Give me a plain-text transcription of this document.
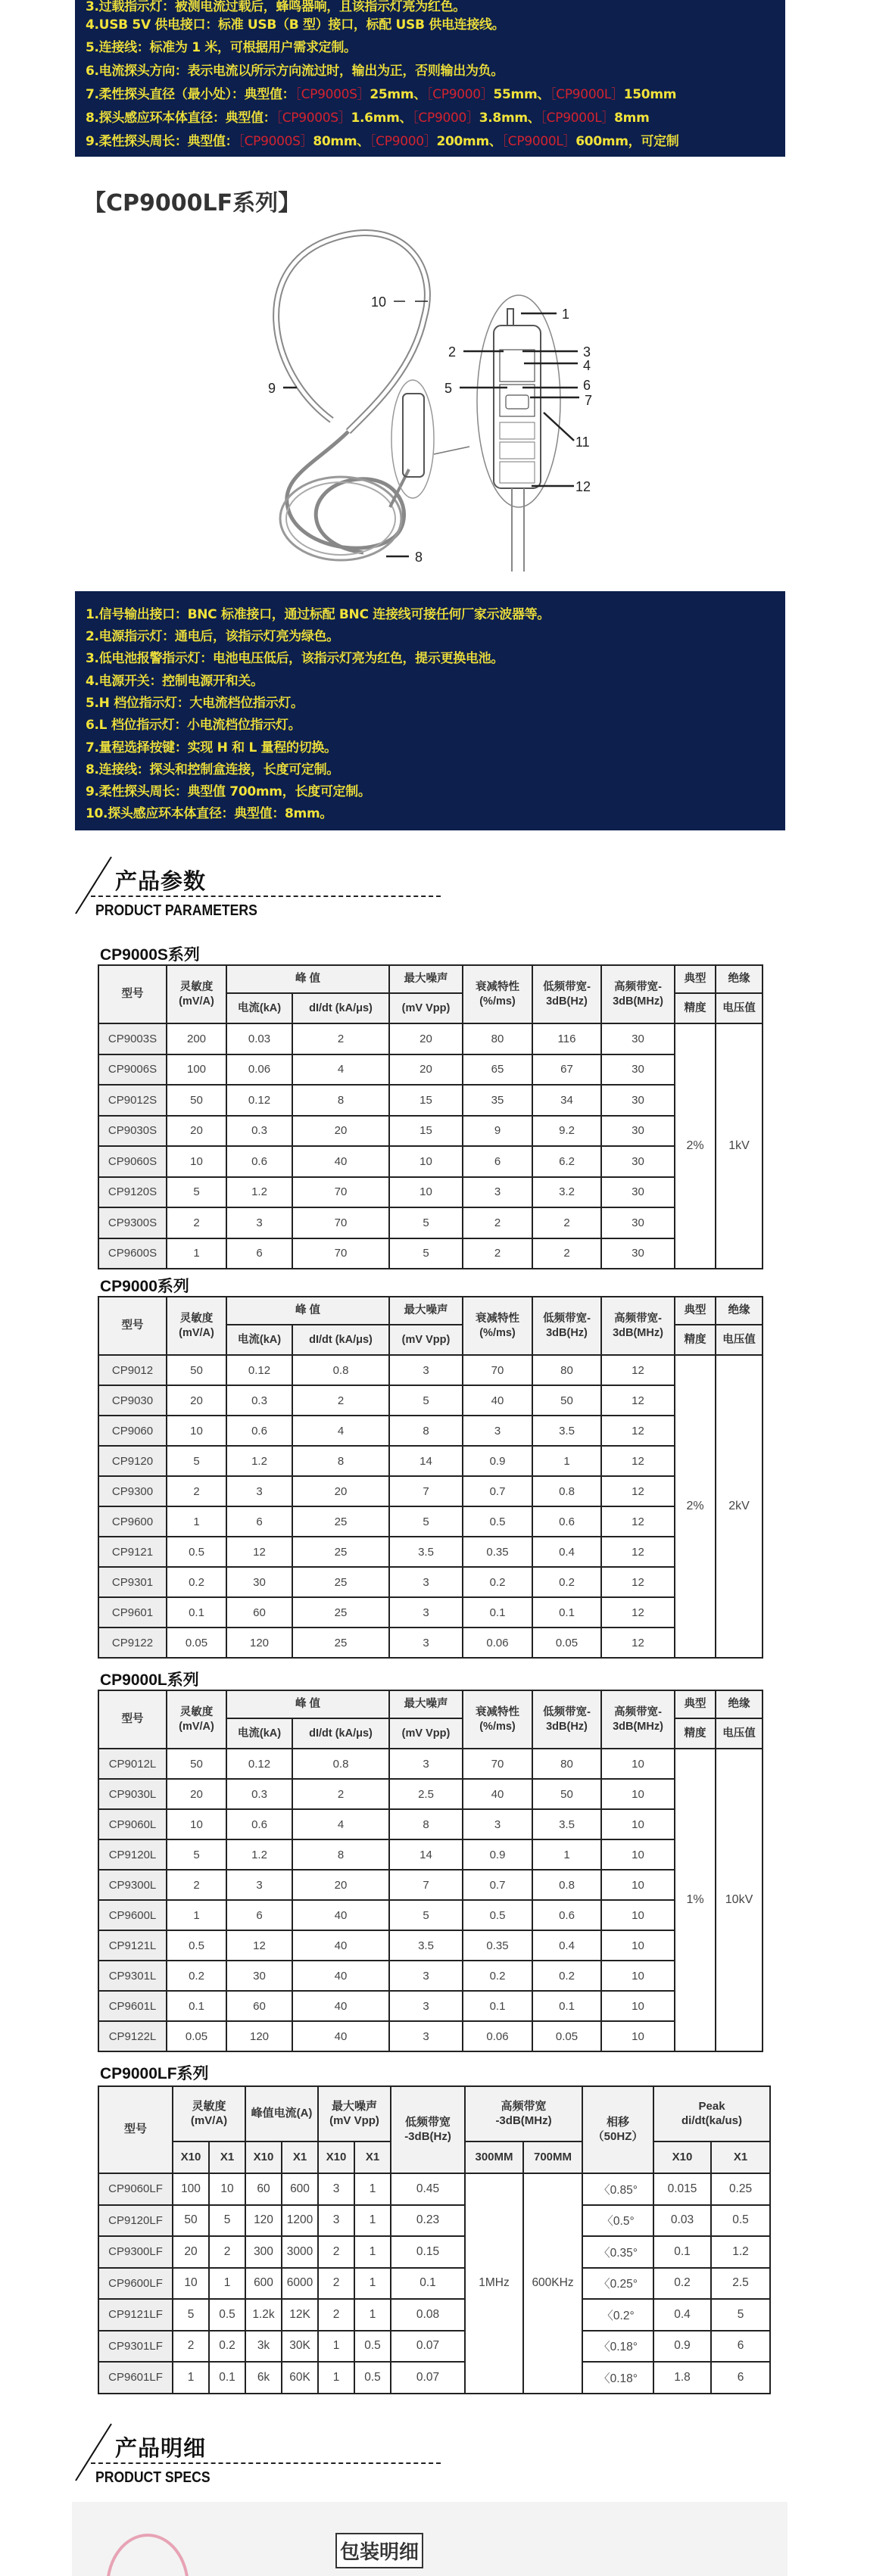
3.过载指示灯：被测电流过载后，蜂鸣器响，且该指示灯亮为红色。
4.USB 5V 供电接口：标准 USB（B 型）接口，标配 USB 供电连接线。
5.连接线：标准为 1 米，可根据用户需求定制。
6.电流探头方向：表示电流以所示方向流过时，输出为正，否则输出为负。
7.柔性探头直径（最小处）：典型值：［CP9000S］25mm、［CP9000］55mm、［CP9000L］150mm
8.探头感应环本体直径：典型值：［CP9000S］1.6mm、［CP9000］3.8mm、［CP9000L］8mm
9.柔性探头周长：典型值：［CP9000S］80mm、［CP9000］200mm、［CP9000L］600mm，可定制
【CP9000LF系列】
1
2	3
4
5	6
7
8
9
10
11
12
1.信号输出接口：BNC 标准接口，通过标配 BNC 连接线可接任何厂家示波器等。
2.电源指示灯：通电后，该指示灯亮为绿色。
3.低电池报警指示灯：电池电压低后，该指示灯亮为红色，提示更换电池。
4.电源开关：控制电源开和关。
5.H 档位指示灯：大电流档位指示灯。
6.L 档位指示灯：小电流档位指示灯。
7.量程选择按键：实现 H 和 L 量程的切换。
8.连接线：探头和控制盒连接，长度可定制。
9.柔性探头周长：典型值 700mm，长度可定制。
10.探头感应环本体直径：典型值：8mm。
产品参数
PRODUCT PARAMETERS
CP9000S系列
型号	灵敏度
(mV/A)	峰 值		最大噪声	衰减特性
(%/ms)	低频带宽-
3dB(Hz)	高频带宽-
3dB(MHz)	典型	绝缘
		电流(kA)	dI/dt (kA/μs)	(mV Vpp)				精度	电压值
CP9003S	200	0.03	2	20	80	116	30	2%	1kV
CP9006S	100	0.06	4	20	65	67	30		
CP9012S	50	0.12	8	15	35	34	30		
CP9030S	20	0.3	20	15	9	9.2	30		
CP9060S	10	0.6	40	10	6	6.2	30		
CP9120S	5	1.2	70	10	3	3.2	30		
CP9300S	2	3	70	5	2	2	30		
CP9600S	1	6	70	5	2	2	30		
CP9000系列
型号	灵敏度
(mV/A)	峰 值		最大噪声	衰减特性
(%/ms)	低频带宽-
3dB(Hz)	高频带宽-
3dB(MHz)	典型	绝缘
		电流(kA)	dI/dt (kA/μs)	(mV Vpp)				精度	电压值
CP9012	50	0.12	0.8	3	70	80	12	2%	2kV
CP9030	20	0.3	2	5	40	50	12		
CP9060	10	0.6	4	8	3	3.5	12		
CP9120	5	1.2	8	14	0.9	1	12		
CP9300	2	3	20	7	0.7	0.8	12		
CP9600	1	6	25	5	0.5	0.6	12		
CP9121	0.5	12	25	3.5	0.35	0.4	12		
CP9301	0.2	30	25	3	0.2	0.2	12		
CP9601	0.1	60	25	3	0.1	0.1	12		
CP9122	0.05	120	25	3	0.06	0.05	12		
CP9000L系列
型号	灵敏度
(mV/A)	峰 值		最大噪声	衰减特性
(%/ms)	低频带宽-
3dB(Hz)	高频带宽-
3dB(MHz)	典型	绝缘
		电流(kA)	dI/dt (kA/μs)	(mV Vpp)				精度	电压值
CP9012L	50	0.12	0.8	3	70	80	10	1%	10kV
CP9030L	20	0.3	2	2.5	40	50	10		
CP9060L	10	0.6	4	8	3	3.5	10		
CP9120L	5	1.2	8	14	0.9	1	10		
CP9300L	2	3	20	7	0.7	0.8	10		
CP9600L	1	6	40	5	0.5	0.6	10		
CP9121L	0.5	12	40	3.5	0.35	0.4	10		
CP9301L	0.2	30	40	3	0.2	0.2	10		
CP9601L	0.1	60	40	3	0.1	0.1	10		
CP9122L	0.05	120	40	3	0.06	0.05	10		
CP9000LF系列
型号	灵敏度
(mV/A)		峰值电流(A)		最大噪声
(mV Vpp)		低频带宽
-3dB(Hz)	高频带宽
-3dB(MHz)		相移
（50HZ）	Peak
di/dt(ka/us)	
	X10	X1	X10	X1	X10	X1		300MM	700MM		X10	X1
CP9060LF	100	10	60	600	3	1	0.45	1MHz	600KHz	〈0.85°	0.015	0.25
CP9120LF	50	5	120	1200	3	1	0.23			〈0.5°	0.03	0.5
CP9300LF	20	2	300	3000	2	1	0.15			〈0.35°	0.1	1.2
CP9600LF	10	1	600	6000	2	1	0.1			〈0.25°	0.2	2.5
CP9121LF	5	0.5	1.2k	12K	2	1	0.08			〈0.2°	0.4	5
CP9301LF	2	0.2	3k	30K	1	0.5	0.07			〈0.18°	0.9	6
CP9601LF	1	0.1	6k	60K	1	0.5	0.07			〈0.18°	1.8	6
产品明细
PRODUCT SPECS
包装明细
